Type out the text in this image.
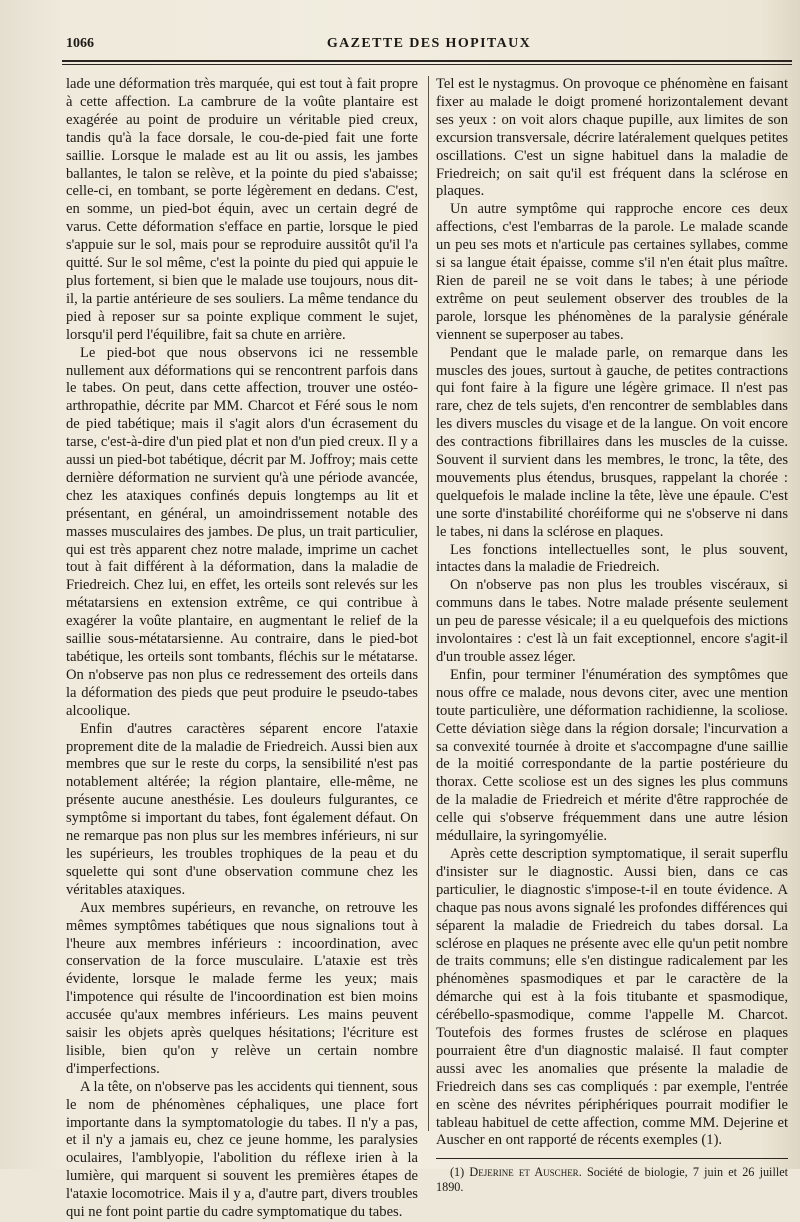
1066	GAZETTE DES HOPITAUX

lade une déformation très marquée, qui est tout à fait propre à cette affection. La cambrure de la voûte plantaire est exagérée au point de produire un véritable pied creux, tandis qu'à la face dorsale, le cou-de-pied fait une forte saillie. Lorsque le malade est au lit ou assis, les jambes ballantes, le talon se relève, et la pointe du pied s'abaisse; celle-ci, en tombant, se porte légèrement en dedans. C'est, en somme, un pied-bot équin, avec un certain degré de varus. Cette déformation s'efface en partie, lorsque le pied s'appuie sur le sol, mais pour se reproduire aussitôt qu'il l'a quitté. Sur le sol même, c'est la pointe du pied qui appuie le plus fortement, si bien que le malade use toujours, nous dit-il, la partie antérieure de ses souliers. La même tendance du pied à reposer sur sa pointe explique comment le sujet, lorsqu'il perd l'équilibre, fait sa chute en arrière.

Le pied-bot que nous observons ici ne ressemble nullement aux déformations qui se rencontrent parfois dans le tabes. On peut, dans cette affection, trouver une ostéo-arthropathie, décrite par MM. Charcot et Féré sous le nom de pied tabétique; mais il s'agit alors d'un écrasement du tarse, c'est-à-dire d'un pied plat et non d'un pied creux. Il y a aussi un pied-bot tabétique, décrit par M. Joffroy; mais cette dernière déformation ne survient qu'à une période avancée, chez les ataxiques confinés depuis longtemps au lit et présentant, en général, un amoindrissement notable des masses musculaires des jambes. De plus, un trait particulier, qui est très apparent chez notre malade, imprime un cachet tout à fait différent à la déformation, dans la maladie de Friedreich. Chez lui, en effet, les orteils sont relevés sur les métatarsiens en extension extrême, ce qui contribue à exagérer la voûte plantaire, en augmentant le relief de la saillie sous-métatarsienne. Au contraire, dans le pied-bot tabétique, les orteils sont tombants, fléchis sur le métatarse. On n'observe pas non plus ce redressement des orteils dans la déformation des pieds que peut produire le pseudo-tabes alcoolique.

Enfin d'autres caractères séparent encore l'ataxie proprement dite de la maladie de Friedreich. Aussi bien aux membres que sur le reste du corps, la sensibilité n'est pas notablement altérée; la région plantaire, elle-même, ne présente aucune anesthésie. Les douleurs fulgurantes, ce symptôme si important du tabes, font également défaut. On ne remarque pas non plus sur les membres inférieurs, ni sur les supérieurs, les troubles trophiques de la peau et du squelette qui sont d'une observation commune chez les véritables ataxiques.

Aux membres supérieurs, en revanche, on retrouve les mêmes symptômes tabétiques que nous signalions tout à l'heure aux membres inférieurs : incoordination, avec conservation de la force musculaire. L'ataxie est très évidente, lorsque le malade ferme les yeux; mais l'impotence qui résulte de l'incoordination est bien moins accusée qu'aux membres inférieurs. Les mains peuvent saisir les objets après quelques hésitations; l'écriture est lisible, bien qu'on y relève un certain nombre d'imperfections.

A la tête, on n'observe pas les accidents qui tiennent, sous le nom de phénomènes céphaliques, une place fort importante dans la symptomatologie du tabes. Il n'y a pas, et il n'y a jamais eu, chez ce jeune homme, les paralysies oculaires, l'amblyopie, l'abolition du réflexe irien à la lumière, qui marquent si souvent les premières étapes de l'ataxie locomotrice. Mais il y a, d'autre part, divers troubles qui ne font point partie du cadre symptomatique du tabes.

Tel est le nystagmus. On provoque ce phénomène en faisant fixer au malade le doigt promené horizontalement devant ses yeux : on voit alors chaque pupille, aux limites de son excursion transversale, décrire latéralement quelques petites oscillations. C'est un signe habituel dans la maladie de Friedreich; on sait qu'il est fréquent dans la sclérose en plaques.

Un autre symptôme qui rapproche encore ces deux affections, c'est l'embarras de la parole. Le malade scande un peu ses mots et n'articule pas certaines syllabes, comme si sa langue était épaisse, comme s'il n'en était plus maître. Rien de pareil ne se voit dans le tabes; à une période extrême on peut seulement observer des troubles de la parole, lorsque les phénomènes de la paralysie générale viennent se superposer au tabes.

Pendant que le malade parle, on remarque dans les muscles des joues, surtout à gauche, de petites contractions qui font faire à la figure une légère grimace. Il n'est pas rare, chez de tels sujets, d'en rencontrer de semblables dans les divers muscles du visage et de la langue. On voit encore des contractions fibrillaires dans les muscles de la cuisse. Souvent il survient dans les membres, le tronc, la tête, des mouvements plus étendus, brusques, rappelant la chorée : quelquefois le malade incline la tête, lève une épaule. C'est une sorte d'instabilité choréiforme qui ne s'observe ni dans le tabes, ni dans la sclérose en plaques.

Les fonctions intellectuelles sont, le plus souvent, intactes dans la maladie de Friedreich.

On n'observe pas non plus les troubles viscéraux, si communs dans le tabes. Notre malade présente seulement un peu de paresse vésicale; il a eu quelquefois des mictions involontaires : c'est là un fait exceptionnel, encore s'agit-il d'un trouble assez léger.

Enfin, pour terminer l'énumération des symptômes que nous offre ce malade, nous devons citer, avec une mention toute particulière, une déformation rachidienne, la scoliose. Cette déviation siège dans la région dorsale; l'incurvation a sa convexité tournée à droite et s'accompagne d'une saillie de la moitié correspondante de la partie postérieure du thorax. Cette scoliose est un des signes les plus communs de la maladie de Friedreich et mérite d'être rapprochée de celle qui s'observe fréquemment dans une autre lésion médullaire, la syringomyélie.

Après cette description symptomatique, il serait superflu d'insister sur le diagnostic. Aussi bien, dans ce cas particulier, le diagnostic s'impose-t-il en toute évidence. A chaque pas nous avons signalé les profondes différences qui séparent la maladie de Friedreich du tabes dorsal. La sclérose en plaques ne présente avec elle qu'un petit nombre de traits communs; elle s'en distingue radicalement par les phénomènes spasmodiques et par le caractère de la démarche qui est à la fois titubante et spasmodique, cérébello-spasmodique, comme l'appelle M. Charcot. Toutefois des formes frustes de sclérose en plaques pourraient être d'un diagnostic malaisé. Il faut compter aussi avec les anomalies que présente la maladie de Friedreich dans ses cas compliqués : par exemple, l'entrée en scène des névrites périphériques pourrait modifier le tableau habituel de cette affection, comme MM. Dejerine et Auscher en ont rapporté de récents exemples (1).

(1) Dejerine et Auscher. Société de biologie, 7 juin et 26 juillet 1890.
